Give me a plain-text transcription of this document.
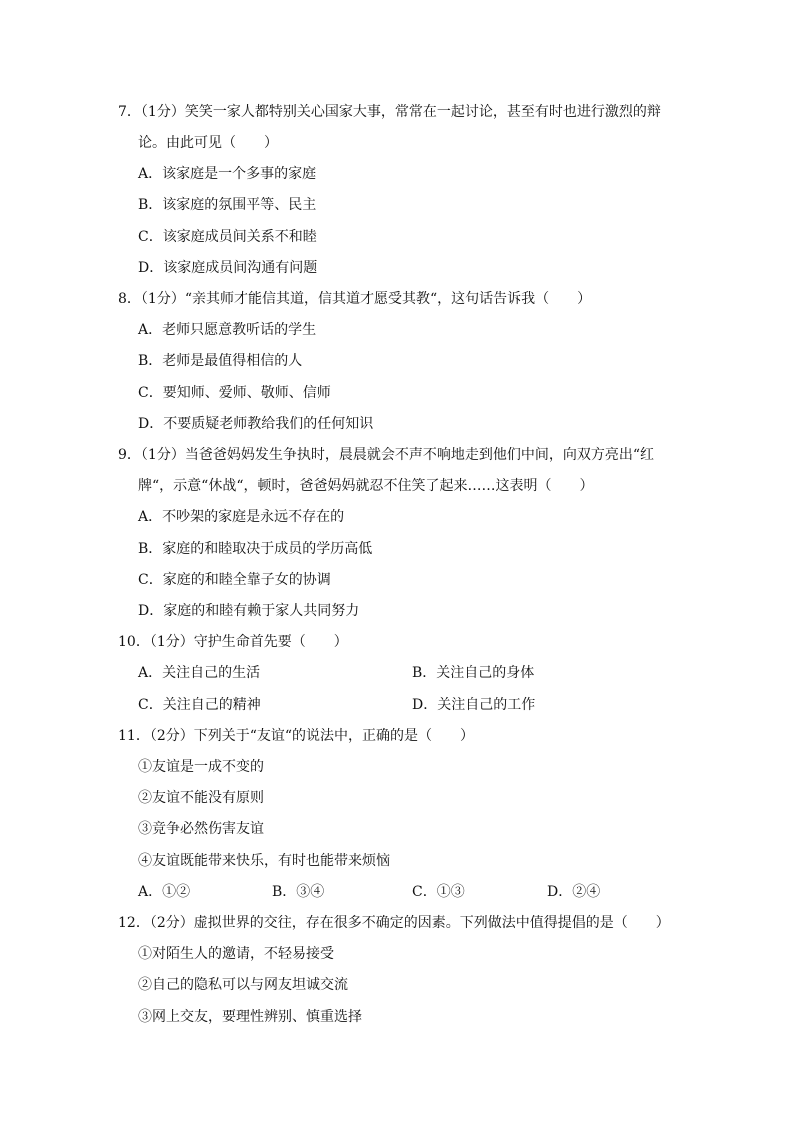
7．（1分）笑笑一家人都特别关心国家大事，常常在一起讨论，甚至有时也进行激烈的辩
论。由此可见（　　）
A．该家庭是一个多事的家庭
B．该家庭的氛围平等、民主
C．该家庭成员间关系不和睦
D．该家庭成员间沟通有问题
8．（1分）“亲其师才能信其道，信其道才愿受其教“，这句话告诉我（　　）
A．老师只愿意教听话的学生
B．老师是最值得相信的人
C．要知师、爱师、敬师、信师
D．不要质疑老师教给我们的任何知识
9．（1分）当爸爸妈妈发生争执时，晨晨就会不声不响地走到他们中间，向双方亮出“红
牌“，示意“休战“，顿时，爸爸妈妈就忍不住笑了起来……这表明（　　）
A．不吵架的家庭是永远不存在的
B．家庭的和睦取决于成员的学历高低
C．家庭的和睦全靠子女的协调
D．家庭的和睦有赖于家人共同努力
10．（1分）守护生命首先要（　　）
A．关注自己的生活	B．关注自己的身体
C．关注自己的精神	D．关注自己的工作
11．（2分）下列关于“友谊“的说法中，正确的是（　　）
①友谊是一成不变的
②友谊不能没有原则
③竞争必然伤害友谊
④友谊既能带来快乐，有时也能带来烦恼
A．①②	B．③④	C．①③	D．②④
12．（2分）虚拟世界的交往，存在很多不确定的因素。下列做法中值得提倡的是（　　）
①对陌生人的邀请，不轻易接受
②自己的隐私可以与网友坦诚交流
③网上交友，要理性辨别、慎重选择
